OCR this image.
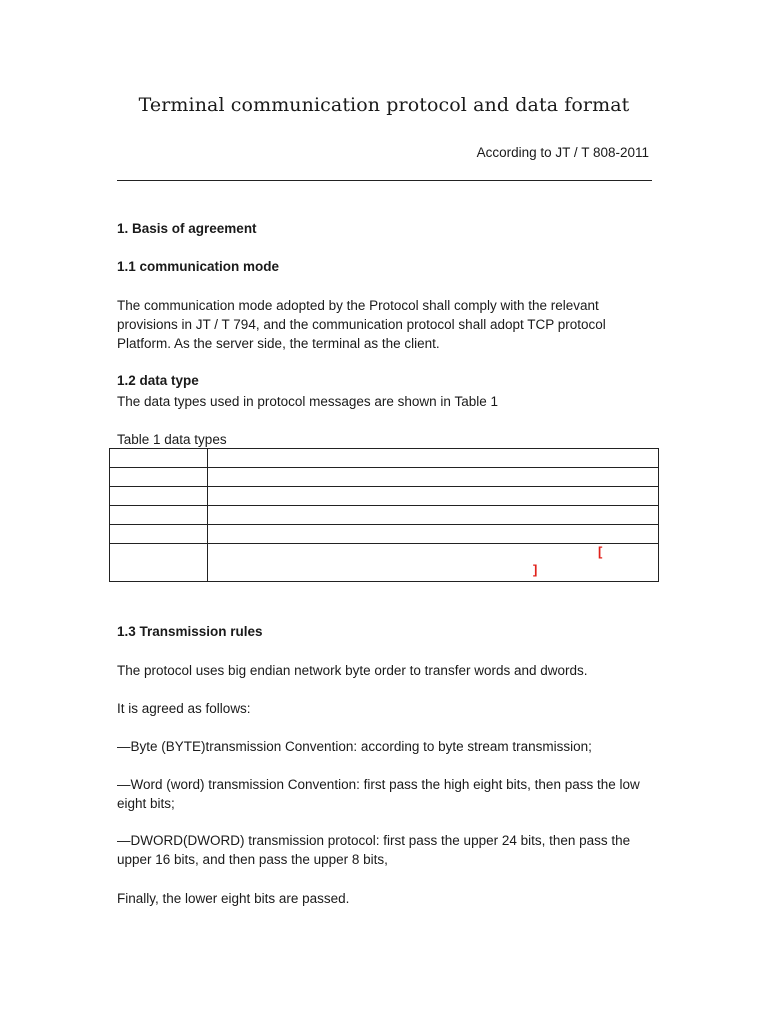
Terminal communication protocol and data format
According to JT / T 808-2011
1. Basis of agreement
1.1 communication mode
The communication mode adopted by the Protocol shall comply with the relevant provisions in JT / T 794, and the communication protocol shall adopt TCP protocol Platform. As the server side, the terminal as the client.
1.2 data type
The data types used in protocol messages are shown in Table 1
Table 1 data types

	[
]
1.3 Transmission rules
The protocol uses big endian network byte order to transfer words and dwords.
It is agreed as follows:
—Byte (BYTE)transmission Convention: according to byte stream transmission;
—Word (word) transmission Convention: first pass the high eight bits, then pass the low eight bits;
—DWORD(DWORD) transmission protocol: first pass the upper 24 bits, then pass the upper 16 bits, and then pass the upper 8 bits,
Finally, the lower eight bits are passed.
